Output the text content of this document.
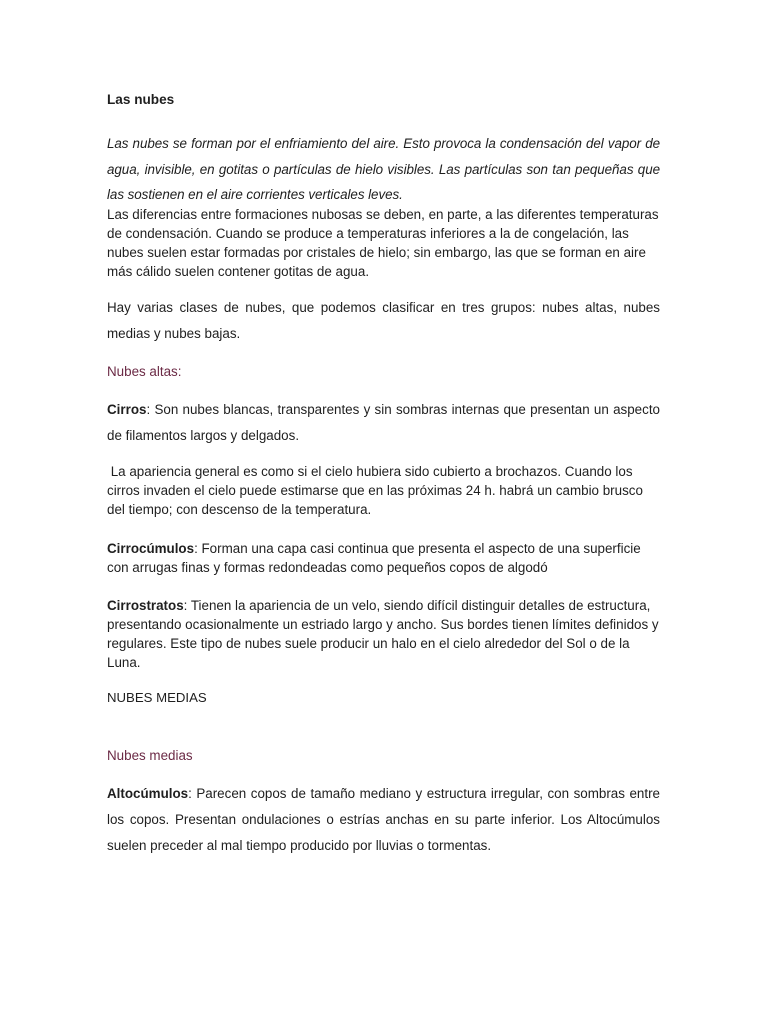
Las nubes

Las nubes se forman por el enfriamiento del aire. Esto provoca la condensación del vapor de agua, invisible, en gotitas o partículas de hielo visibles. Las partículas son tan pequeñas que las sostienen en el aire corrientes verticales leves.

Las diferencias entre formaciones nubosas se deben, en parte, a las diferentes temperaturas de condensación. Cuando se produce a temperaturas inferiores a la de congelación, las nubes suelen estar formadas por cristales de hielo; sin embargo, las que se forman en aire más cálido suelen contener gotitas de agua.

Hay varias clases de nubes, que podemos clasificar en tres grupos: nubes altas, nubes medias y nubes bajas.

Nubes altas:

Cirros: Son nubes blancas, transparentes y sin sombras internas que presentan un aspecto de filamentos largos y delgados.

La apariencia general es como si el cielo hubiera sido cubierto a brochazos. Cuando los cirros invaden el cielo puede estimarse que en las próximas 24 h. habrá un cambio brusco del tiempo; con descenso de la temperatura.

Cirrocúmulos: Forman una capa casi continua que presenta el aspecto de una superficie con arrugas finas y formas redondeadas como pequeños copos de algodó

Cirrostratos: Tienen la apariencia de un velo, siendo difícil distinguir detalles de estructura, presentando ocasionalmente un estriado largo y ancho. Sus bordes tienen límites definidos y regulares. Este tipo de nubes suele producir un halo en el cielo alrededor del Sol o de la Luna.

NUBES MEDIAS

Nubes medias

Altocúmulos: Parecen copos de tamaño mediano y estructura irregular, con sombras entre los copos. Presentan ondulaciones o estrías anchas en su parte inferior. Los Altocúmulos suelen preceder al mal tiempo producido por lluvias o tormentas.
